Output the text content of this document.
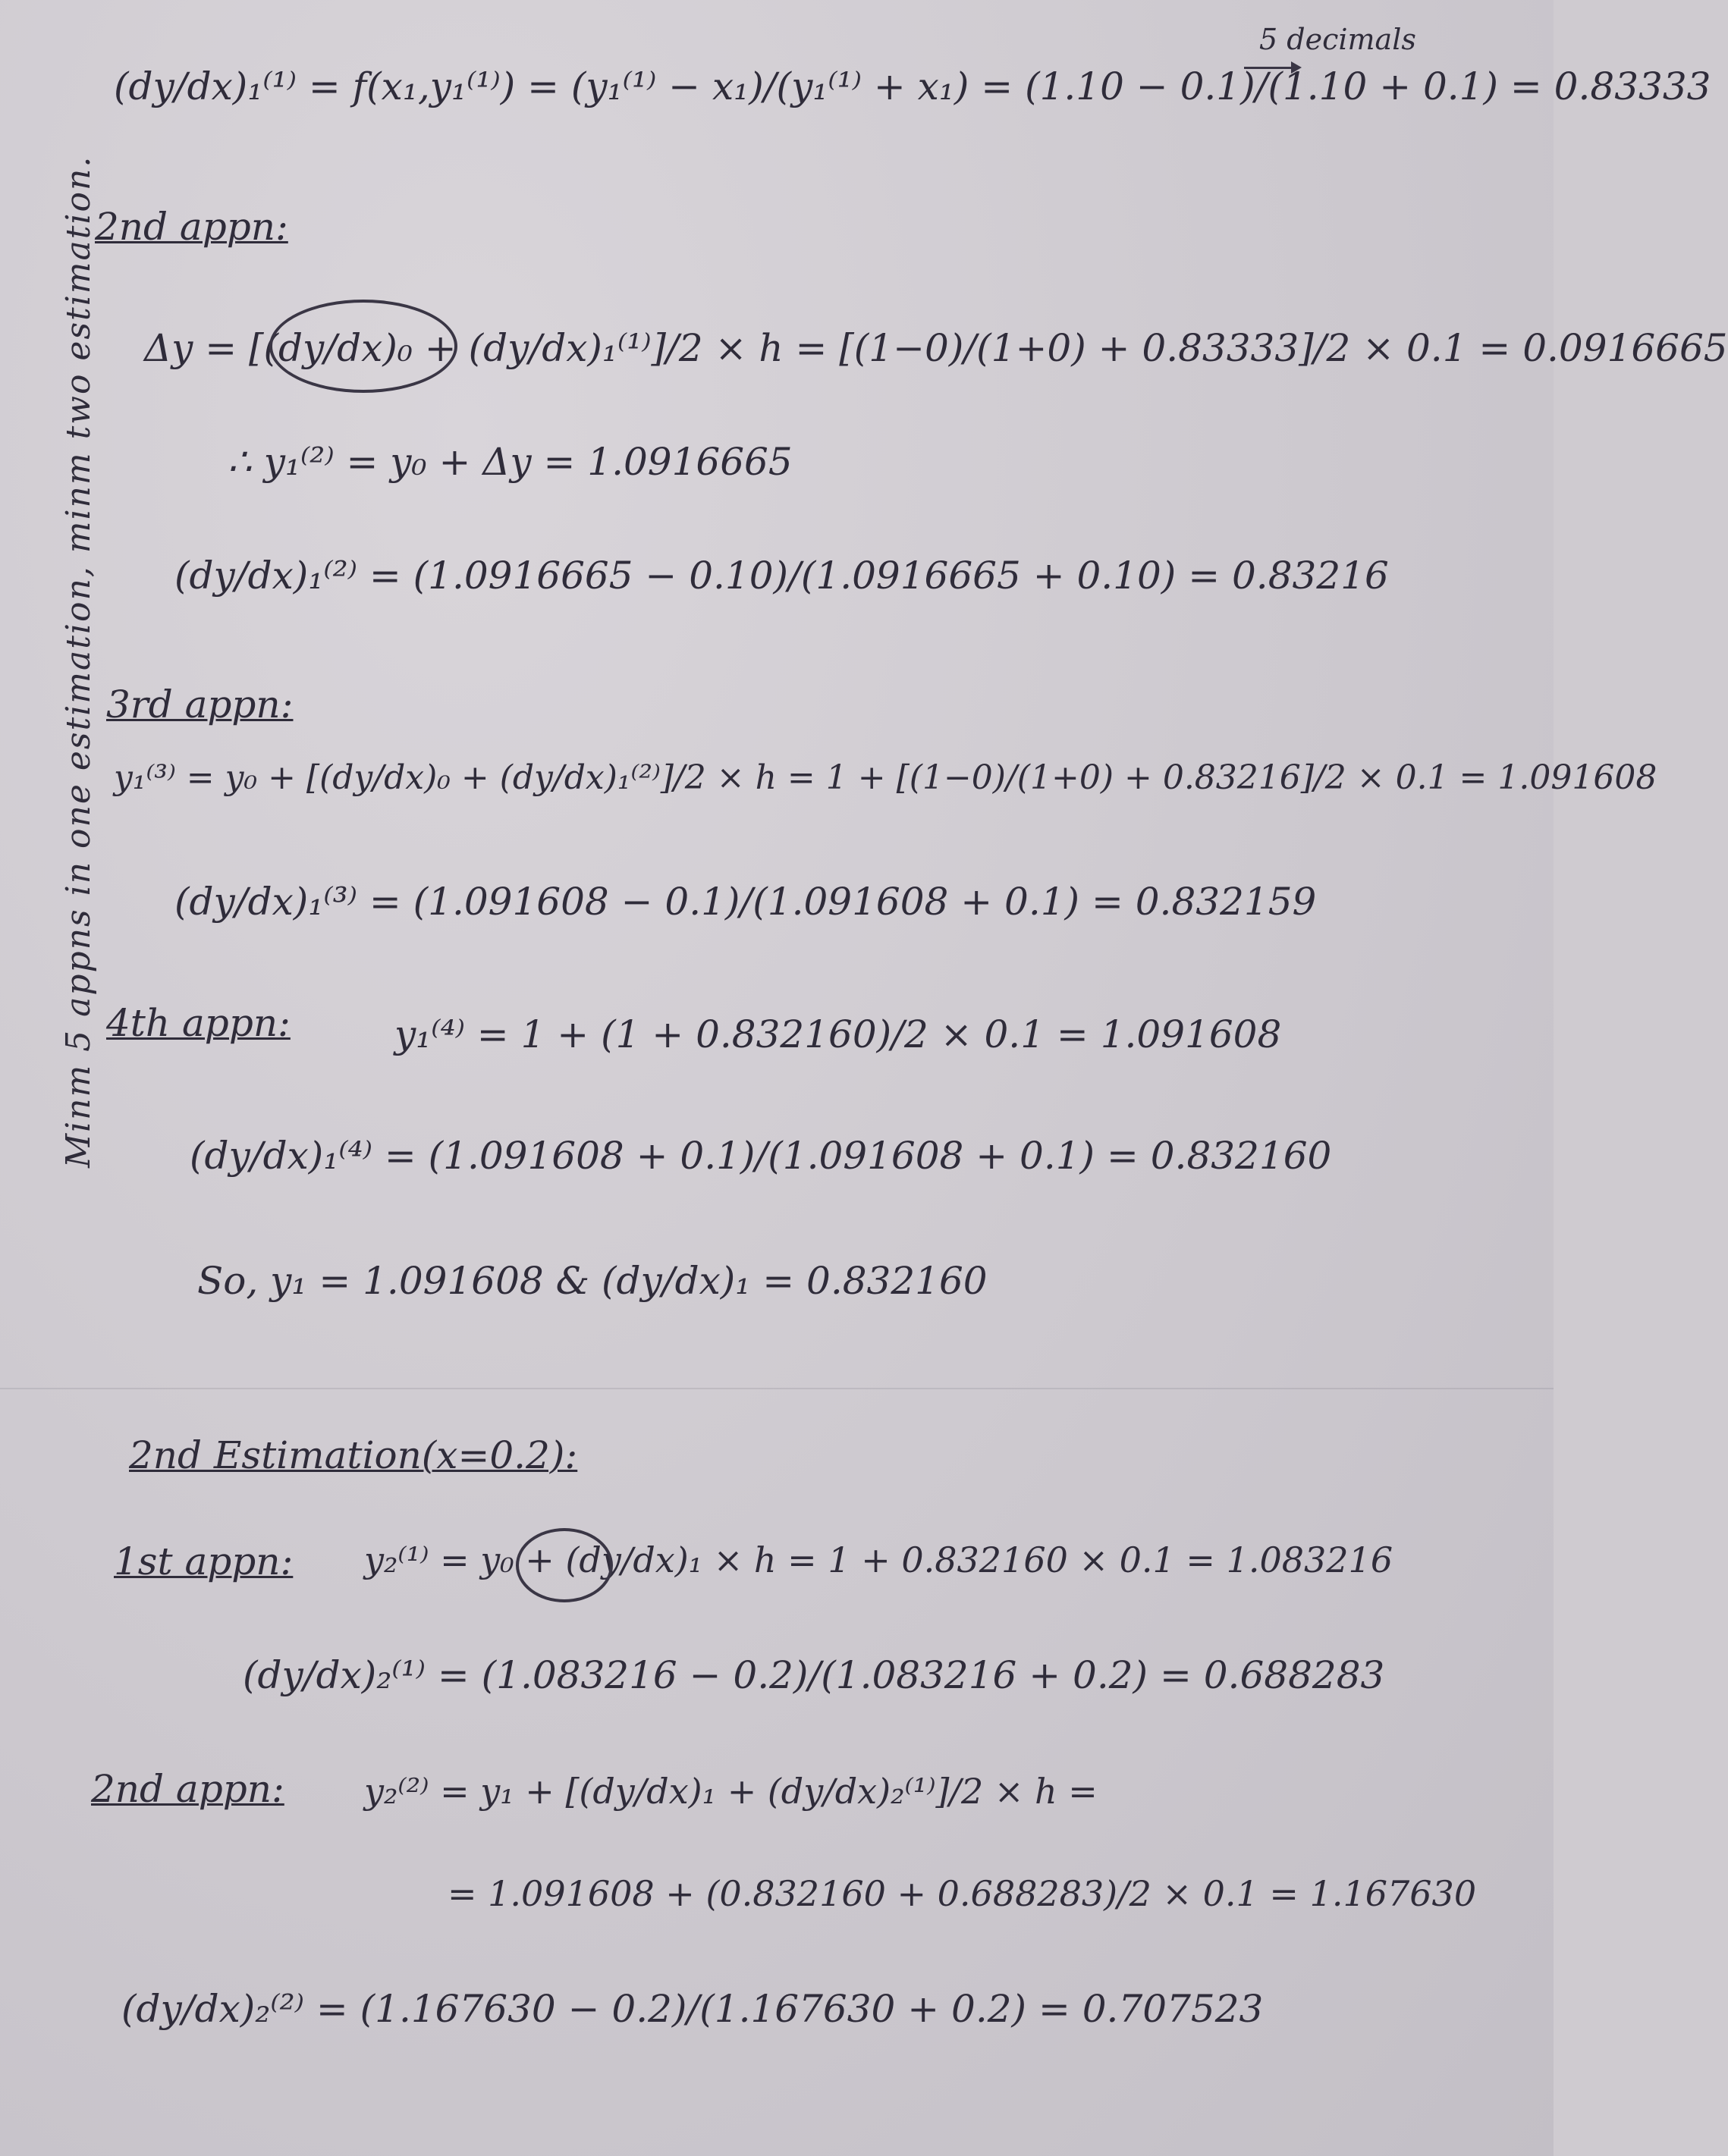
Minm 5 appns in one estimation, minm two estimation.
5 decimals
(dy/dx)₁⁽¹⁾ = f(x₁,y₁⁽¹⁾) = (y₁⁽¹⁾ − x₁)/(y₁⁽¹⁾ + x₁) = (1.10 − 0.1)/(1.10 + 0.1) = 0.83333
2nd appn:
Δy = [(dy/dx)₀ + (dy/dx)₁⁽¹⁾]/2 × h = [(1−0)/(1+0) + 0.83333]/2 × 0.1 = 0.0916665
∴ y₁⁽²⁾ = y₀ + Δy = 1.0916665
(dy/dx)₁⁽²⁾ = (1.0916665 − 0.10)/(1.0916665 + 0.10) = 0.83216
3rd appn:
y₁⁽³⁾ = y₀ + [(dy/dx)₀ + (dy/dx)₁⁽²⁾]/2 × h = 1 + [(1−0)/(1+0) + 0.83216]/2 × 0.1 = 1.091608
(dy/dx)₁⁽³⁾ = (1.091608 − 0.1)/(1.091608 + 0.1) = 0.832159
4th appn:	y₁⁽⁴⁾ = 1 + (1 + 0.832160)/2 × 0.1 = 1.091608
(dy/dx)₁⁽⁴⁾ = (1.091608 + 0.1)/(1.091608 + 0.1) = 0.832160
So, y₁ = 1.091608 & (dy/dx)₁ = 0.832160
2nd Estimation(x=0.2):
1st appn: y₂⁽¹⁾ = y₀ + (dy/dx)₁ × h = 1 + 0.832160 × 0.1 = 1.083216
(dy/dx)₂⁽¹⁾ = (1.083216 − 0.2)/(1.083216 + 0.2) = 0.688283
2nd appn: y₂⁽²⁾ = y₁ + [(dy/dx)₁ + (dy/dx)₂⁽¹⁾]/2 × h =
= 1.091608 + (0.832160 + 0.688283)/2 × 0.1 = 1.167630
(dy/dx)₂⁽²⁾ = (1.167630 − 0.2)/(1.167630 + 0.2) = 0.707523
